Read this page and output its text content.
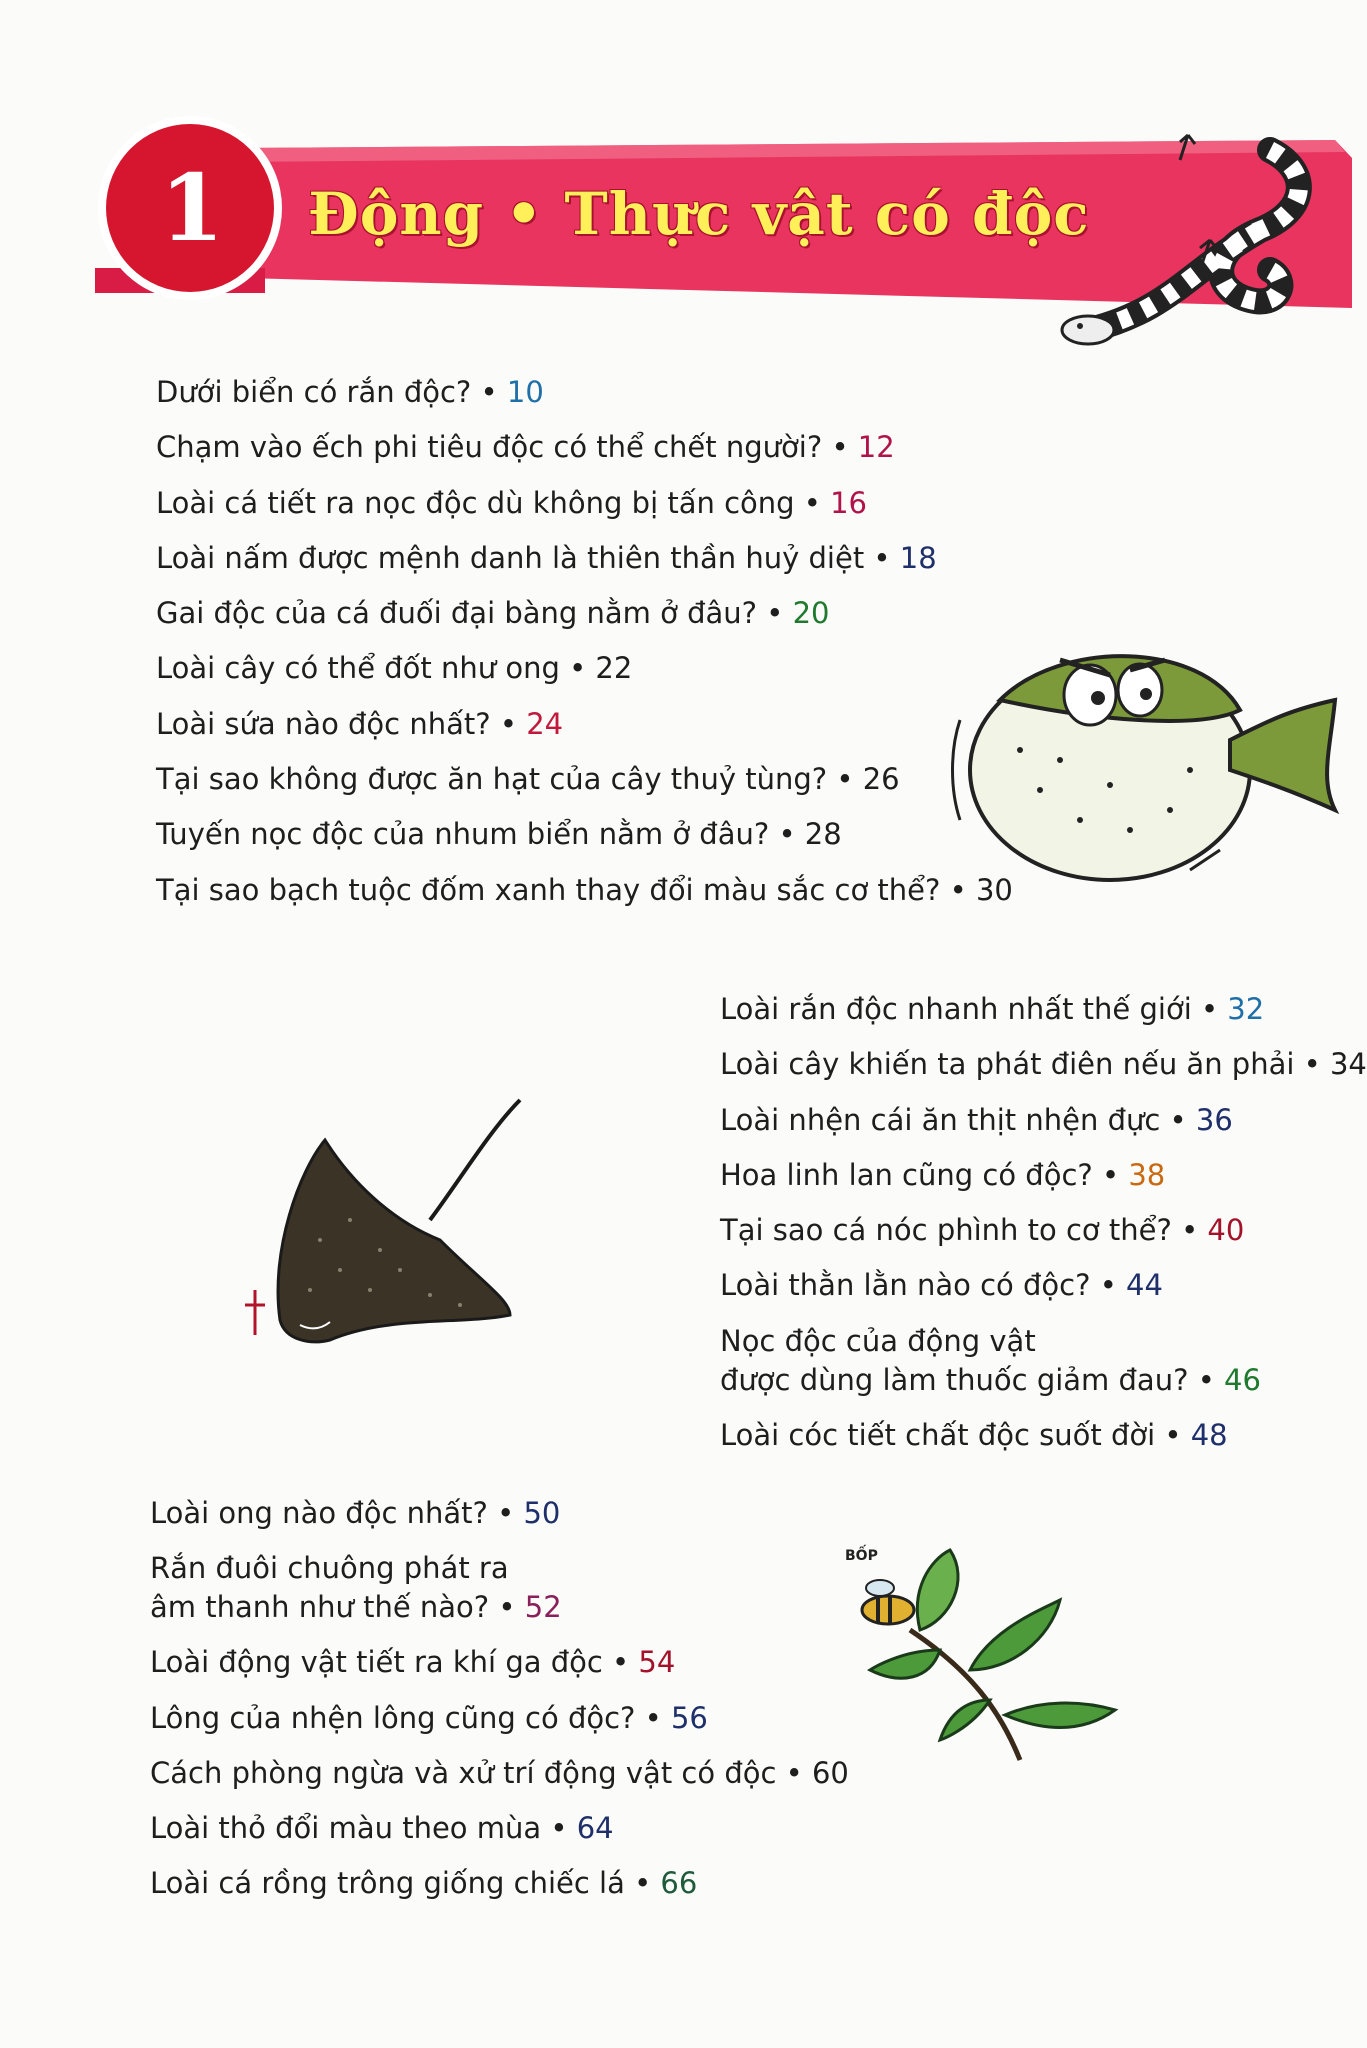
1	Động • Thực vật có độc
Dưới biển có rắn độc? • 10
Chạm vào ếch phi tiêu độc có thể chết người? • 12
Loài cá tiết ra nọc độc dù không bị tấn công • 16
Loài nấm được mệnh danh là thiên thần huỷ diệt • 18
Gai độc của cá đuối đại bàng nằm ở đâu? • 20
Loài cây có thể đốt như ong • 22
Loài sứa nào độc nhất? • 24
Tại sao không được ăn hạt của cây thuỷ tùng? • 26
Tuyến nọc độc của nhum biển nằm ở đâu? • 28
Tại sao bạch tuộc đốm xanh thay đổi màu sắc cơ thể? • 30
Loài rắn độc nhanh nhất thế giới • 32
Loài cây khiến ta phát điên nếu ăn phải • 34
Loài nhện cái ăn thịt nhện đực • 36
Hoa linh lan cũng có độc? • 38
Tại sao cá nóc phình to cơ thể? • 40
Loài thằn lằn nào có độc? • 44
Nọc độc của động vật
được dùng làm thuốc giảm đau? • 46
Loài cóc tiết chất độc suốt đời • 48
Loài ong nào độc nhất? • 50
Rắn đuôi chuông phát ra
âm thanh như thế nào? • 52
Loài động vật tiết ra khí ga độc • 54
Lông của nhện lông cũng có độc? • 56
Cách phòng ngừa và xử trí động vật có độc • 60
Loài thỏ đổi màu theo mùa • 64
Loài cá rồng trông giống chiếc lá • 66
BỐP
